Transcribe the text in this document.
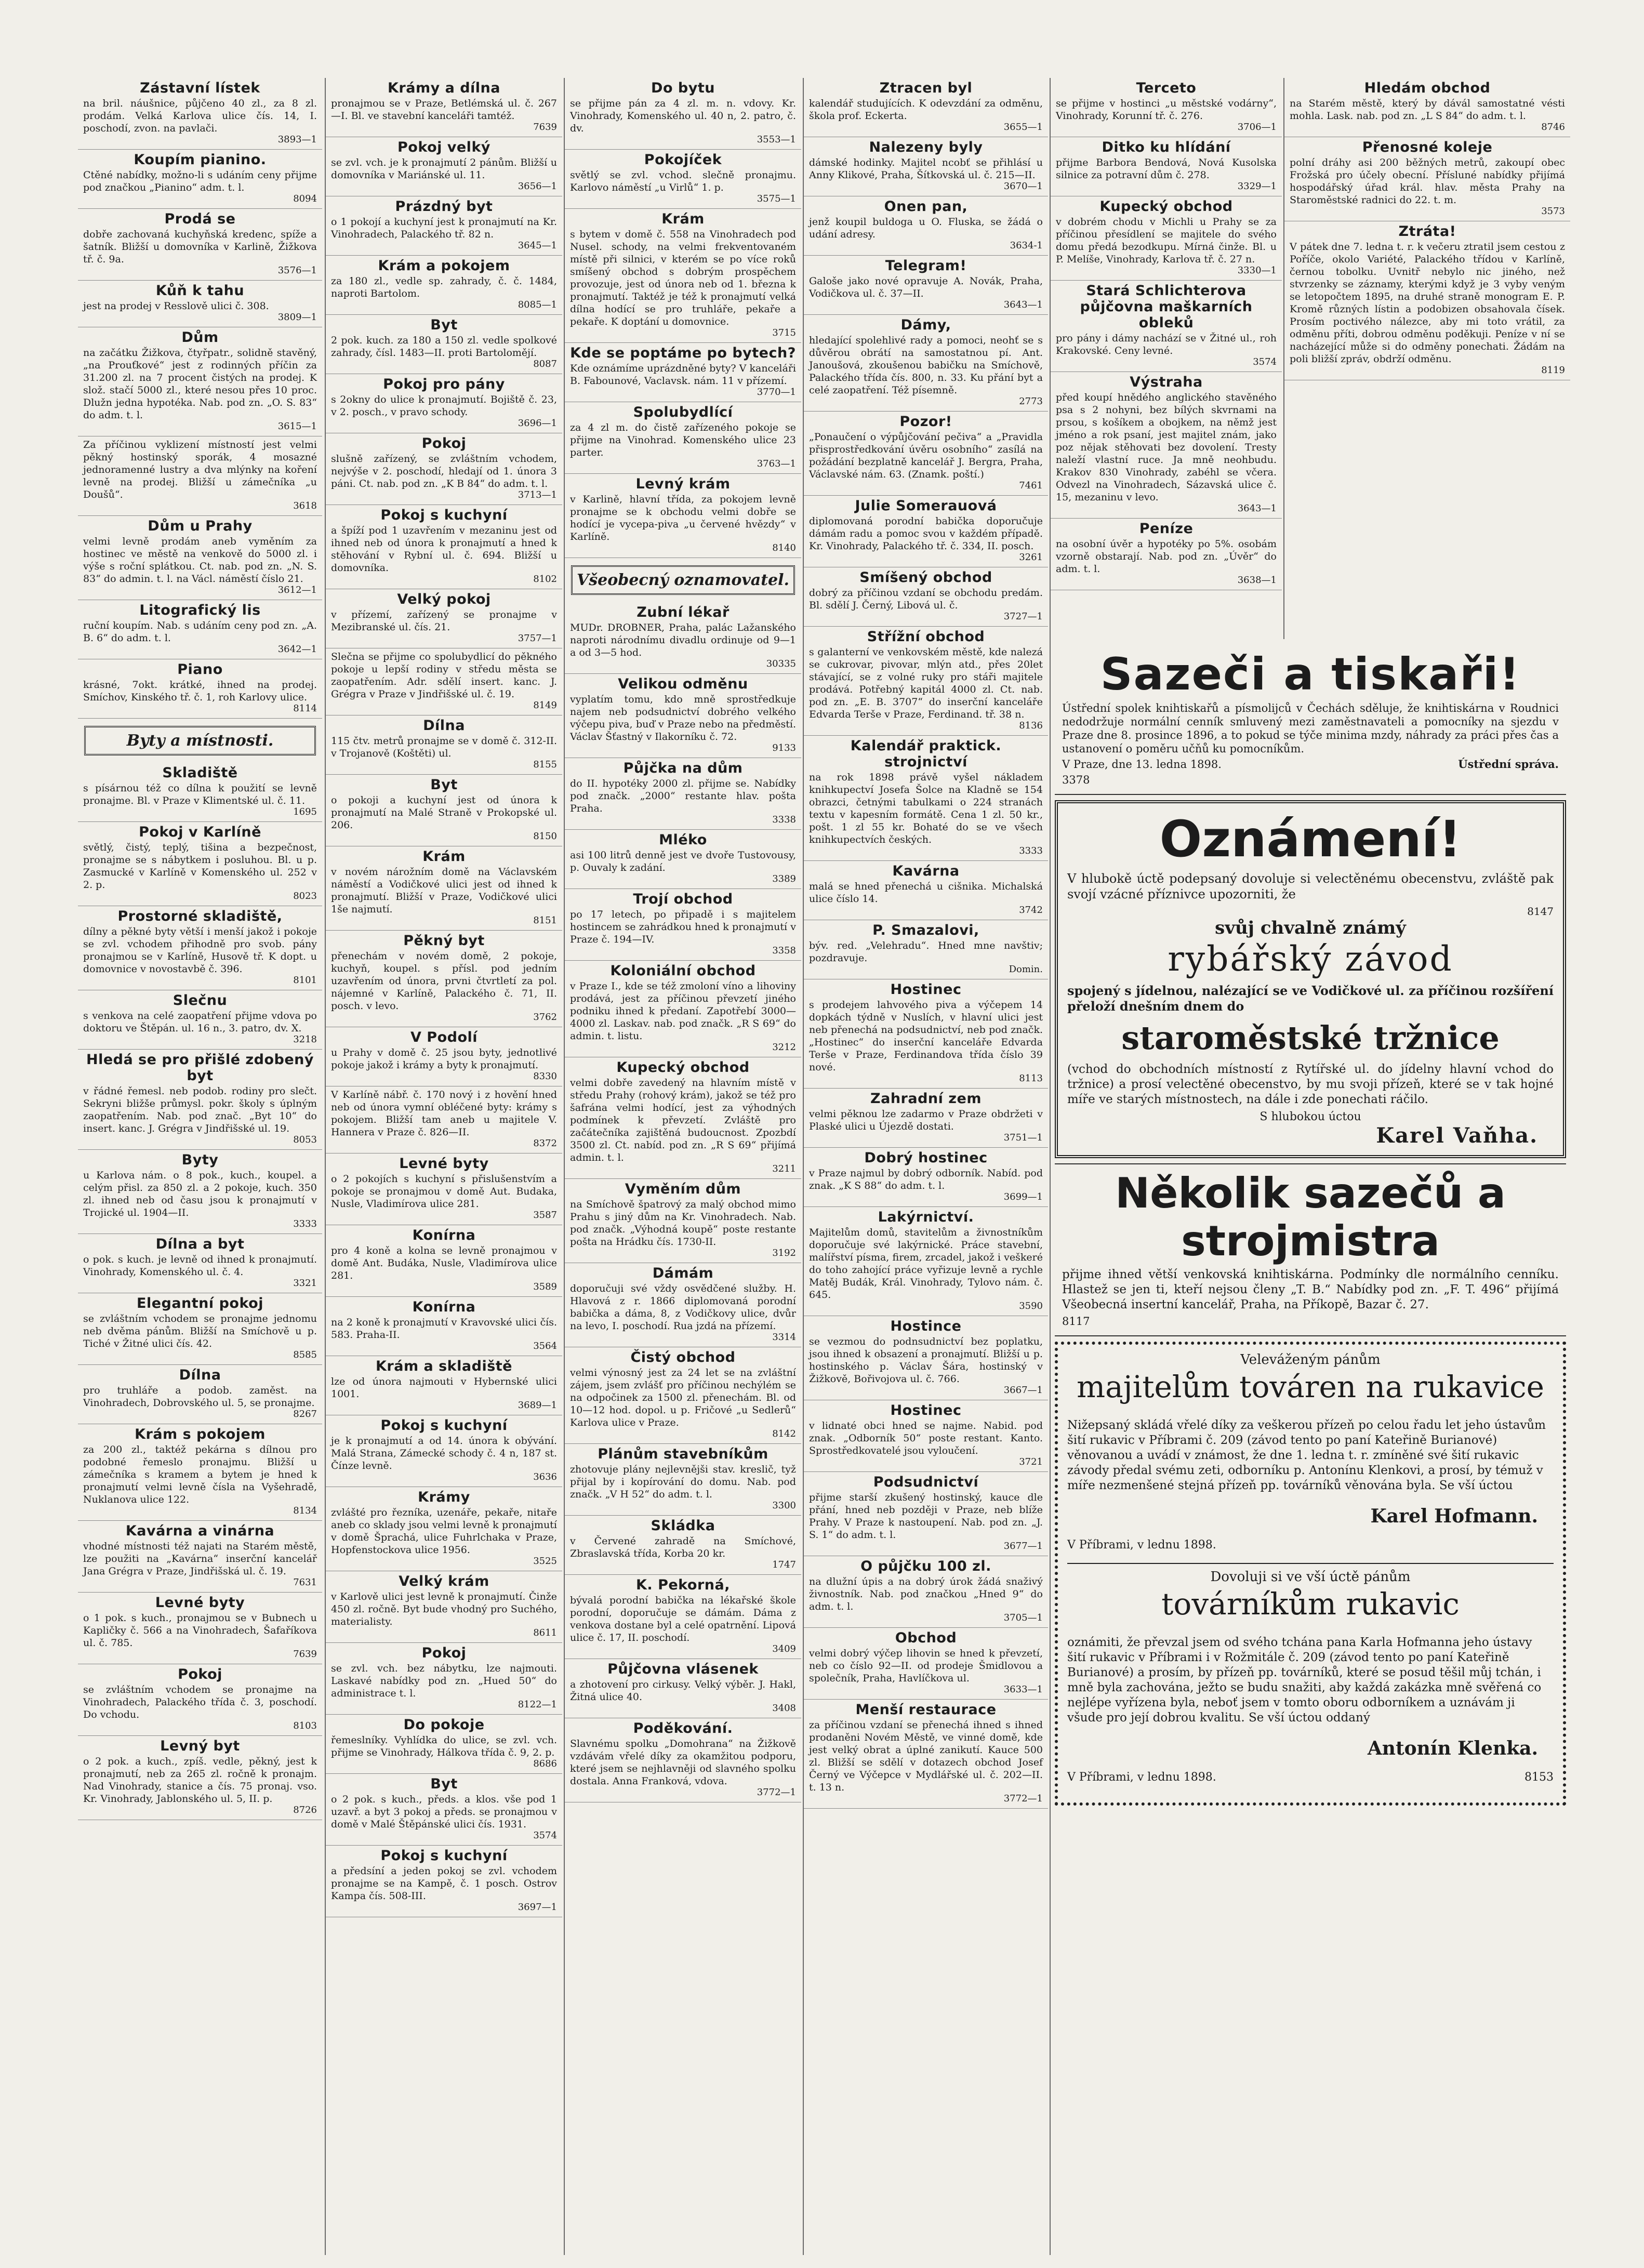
Zástavní lístek

na bril. náušnice, půjčeno 40 zl., za 8 zl. prodám. Velká Karlova ulice čís. 14, I. poschodí, zvon. na pavlači.

3893—1
Koupím pianino.

Ctěné nabídky, možno-li s udáním ceny přijme pod značkou „Pianino“ adm. t. l.

8094
Prodá se

dobře zachovaná kuchyňská kredenc, spíže a šatník. Bližší u domovníka v Karlině, Žižkova tř. č. 9a.

3576—1
Kůň k tahu

jest na prodej v Resslově ulici č. 308.

3809—1
Dům

na začátku Žižkova, čtyřpatr., solidně stavěný, „na Prouťkové“ jest z rodinných příčin za 31.200 zl. na 7 procent čistých na prodej. K slož. stačí 5000 zl., které nesou přes 10 proc. Dlužn jedna hypotéka. Nab. pod zn. „O. S. 83“ do adm. t. l.

3615—1

Za příčinou vyklizení místností jest velmi pěkný hostinský sporák, 4 mosazné jednoramenné lustry a dva mlýnky na koření levně na prodej. Bližší u zámečníka „u Doušů“.

3618
Dům u Prahy

velmi levně prodám aneb vyměním za hostinec ve městě na venkově do 5000 zl. i výše s roční splátkou. Ct. nab. pod zn. „N. S. 83“ do admin. t. l. na Václ. náměstí číslo 21.

3612—1
Litografický lis

ruční koupím. Nab. s udáním ceny pod zn. „A. B. 6“ do adm. t. l.

3642—1
Piano

krásné, 7okt. krátké, ihned na prodej. Smíchov, Kinského tř. č. 1, roh Karlovy ulice.

8114
Byty a místnosti.
Skladiště

s písárnou též co dílna k použití se levně pronajme. Bl. v Praze v Klimentské ul. č. 11.

1695
Pokoj v Karlíně

světlý, čistý, teplý, tišina a bezpečnost, pronajme se s nábytkem i posluhou. Bl. u p. Zasmucké v Karlíně v Komenského ul. 252 v 2. p.

8023
Prostorné skladiště,

dílny a pěkné byty větší i menší jakož i pokoje se zvl. vchodem přihodně pro svob. pány pronajmou se v Karlíně, Husově tř. K dopt. u domovnice v novostavbě č. 396.

8101
Slečnu

s venkova na celé zaopatření přijme vdova po doktoru ve Štěpán. ul. 16 n., 3. patro, dv. X.

3218
Hledá se pro přišlé zdobený byt

v řádné řemesl. neb podob. rodiny pro slečt. Sekryni bližše průmysl. pokr. školy s úplným zaopatřením. Nab. pod znač. „Byt 10“ do insert. kanc. J. Grégra v Jindřišské ul. 19.

8053
Byty

u Karlova nám. o 8 pok., kuch., koupel. a celým přisl. za 850 zl. a 2 pokoje, kuch. 350 zl. ihned neb od času jsou k pronajmutí v Trojické ul. 1904—II.

3333
Dílna a byt

o pok. s kuch. je levně od ihned k pronajmutí. Vinohrady, Komenského ul. č. 4.

3321
Elegantní pokoj

se zvláštním vchodem se pronajme jednomu neb dvěma pánům. Bližší na Smíchově u p. Tiché v Žitné ulici čís. 42.

8585
Dílna

pro truhláře a podob. zaměst. na Vinohradech, Dobrovského ul. 5, se pronajme.

8267
Krám s pokojem

za 200 zl., taktéž pekárna s dílnou pro podobné řemeslo pronajmu. Bližší u zámečníka s kramem a bytem je hned k pronajmutí velmi levně čísla na Vyšehradě, Nuklanova ulice 122.

8134
Kavárna a vinárna

vhodné místnosti též najati na Starém městě, lze použiti na „Kavárna“ inserční kancelář Jana Grégra v Praze, Jindřišská ul. č. 19.

7631
Levné byty

o 1 pok. s kuch., pronajmou se v Bubnech u Kapličky č. 566 a na Vinohradech, Šafaříkova ul. č. 785.

7639
Pokoj

se zvláštním vchodem se pronajme na Vinohradech, Palackého třída č. 3, poschodí. Do vchodu.

8103
Levný byt

o 2 pok. a kuch., zpíš. vedle, pěkný, jest k pronajmutí, neb za 265 zl. ročně k pronajm. Nad Vinohrady, stanice a čís. 75 pronaj. vso. Kr. Vinohrady, Jablonského ul. 5, II. p.

8726
Krámy a dílna

pronajmou se v Praze, Betlémská ul. č. 267—I. Bl. ve stavební kanceláři tamtéž.

7639
Pokoj velký

se zvl. vch. je k pronajmutí 2 pánům. Bližší u domovníka v Mariánské ul. 11.

3656—1
Prázdný byt

o 1 pokojí a kuchyní jest k pronajmutí na Kr. Vinohradech, Palackého tř. 82 n.

3645—1
Krám a pokojem

za 180 zl., vedle sp. zahrady, č. č. 1484, naproti Bartolom.

8085—1
Byt

2 pok. kuch. za 180 a 150 zl. vedle spolkové zahrady, čísl. 1483—II. proti Bartolomějí.

8087
Pokoj pro pány

s 2okny do ulice k pronajmutí. Bojiště č. 23, v 2. posch., v pravo schody.

3696—1
Pokoj

slušně zařízený, se zvláštním vchodem, nejvýše v 2. poschodí, hledají od 1. února 3 páni. Ct. nab. pod zn. „K B 84“ do adm. t. l.

3713—1
Pokoj s kuchyní

a špíží pod 1 uzavřením v mezaninu jest od ihned neb od února k pronajmutí a hned k stěhování v Rybní ul. č. 694. Bližší u domovníka.

8102
Velký pokoj

v přízemí, zařízený se pronajme v Mezibranské ul. čís. 21.

3757—1

Slečna se přijme co spolubydlicí do pěkného pokoje u lepší rodiny v středu města se zaopatřením. Adr. sdělí insert. kanc. J. Grégra v Praze v Jindřišské ul. č. 19.

8149
Dílna

115 čtv. metrů pronajme se v domě č. 312-II. v Trojanově (Koštěti) ul.

8155
Byt

o pokoji a kuchyní jest od února k pronajmutí na Malé Straně v Prokopské ul. 206.

8150
Krám

v novém nárožním domě na Václavském náměstí a Vodičkové ulici jest od ihned k pronajmutí. Bližší v Praze, Vodičkové ulici 1še najmutí.

8151
Pěkný byt

přenechám v novém domě, 2 pokoje, kuchyň, koupel. s přísl. pod jedním uzavřením od února, prvni čtvrtletí za pol. nájemné v Karlíně, Palackého č. 71, II. posch. v levo.

3762
V Podolí

u Prahy v domě č. 25 jsou byty, jednotlivé pokoje jakož i krámy a byty k pronajmutí.

8330

V Karlíně nábř. č. 170 nový i z hovění hned neb od února vymní obléčené byty: krámy s pokojem. Bližší tam aneb u majitele V. Hannera v Praze č. 826—II.

8372
Levné byty

o 2 pokojích s kuchyní s přislušenstvím a pokoje se pronajmou v domě Aut. Budaka, Nusle, Vladimírova ulice 281.

3587
Konírna

pro 4 koně a kolna se levně pronajmou v domě Ant. Budáka, Nusle, Vladimírova ulice 281.

3589
Konírna

na 2 koně k pronajmutí v Kravovské ulici čís. 583. Praha-II.

3564
Krám a skladiště

lze od února najmouti v Hybernské ulici 1001.

3689—1
Pokoj s kuchyní

je k pronajmutí a od 14. února k obývání. Malá Strana, Zámecké schody č. 4 n, 187 st. Čínze levně.

3636
Krámy

zvlášté pro řezníka, uzenáře, pekaře, nitaře aneb co sklady jsou velmi levně k pronajmutí v domě Šprachá, ulice Fuhrlchaka v Praze, Hopfenstockova ulice 1956.

3525
Velký krám

v Karlově ulici jest levně k pronajmutí. Činže 450 zl. ročně. Byt bude vhodný pro Suchého, materialisty.

8611
Pokoj

se zvl. vch. bez nábytku, lze najmouti. Laskavé nabídky pod zn. „Hued 50“ do administrace t. l.

8122—1
Do pokoje

řemeslníky. Vyhlídka do ulice, se zvl. vch. přijme se Vinohrady, Hálkova třída č. 9, 2. p.

8686
Byt

o 2 pok. s kuch., předs. a klos. vše pod 1 uzavř. a byt 3 pokoj a předs. se pronajmou v domě v Malé Štěpánské ulici čís. 1931.

3574
Pokoj s kuchyní

a předsíní a jeden pokoj se zvl. vchodem pronajme se na Kampě, č. 1 posch. Ostrov Kampa čís. 508-III.

3697—1
Do bytu

se přijme pán za 4 zl. m. n. vdovy. Kr. Vinohrady, Komenského ul. 40 n, 2. patro, č. dv.

3553—1
Pokojíček

světlý se zvl. vchod. slečně pronajmu. Karlovo náměstí „u Virlů“ 1. p.

3575—1
Krám

s bytem v domě č. 558 na Vinohradech pod Nusel. schody, na velmi frekventovaném místě při silnici, v kterém se po více roků smíšený obchod s dobrým prospěchem provozuje, jest od února neb od 1. března k pronajmutí. Taktéž je též k pronajmutí velká dílna hodící se pro truhláře, pekaře a pekaře. K doptání u domovnice.

3715
Kde se poptáme po bytech?

Kde oznámíme uprázdněné byty? V kanceláři B. Fabounové, Vaclavsk. nám. 11 v přízemí.

3770—1
Spolubydlící

za 4 zl m. do čistě zařízeného pokoje se přijme na Vinohrad. Komenského ulice 23 parter.

3763—1
Levný krám

v Karlině, hlavní třída, za pokojem levně pronajme se k obchodu velmi dobře se hodící je vycepa-piva „u červené hvězdy“ v Karlíně.

8140
Všeobecný oznamovatel.
Zubní lékař

MUDr. DROBNER, Praha, palác Lažanského naproti národnímu divadlu ordinuje od 9—1 a od 3—5 hod.

30335
Velikou odměnu

vyplatím tomu, kdo mně sprostředkuje najem neb podsudnictví dobrého velkého výčepu piva, buď v Praze nebo na předměstí. Václav Šťastný v Ilakorníku č. 72.

9133
Půjčka na dům

do II. hypotéky 2000 zl. přijme se. Nabídky pod značk. „2000“ restante hlav. pošta Praha.

3338
Mléko

asi 100 litrů denně jest ve dvoře Tustovousy, p. Ouvaly k zadání.

3389
Trojí obchod

po 17 letech, po připadě i s majitelem hostincem se zahrádkou hned k pronajmutí v Praze č. 194—IV.

3358
Koloniální obchod

v Praze I., kde se též zmoloní víno a lihoviny prodává, jest za příčinou převzetí jiného podniku ihned k předaní. Zapotřebí 3000—4000 zl. Laskav. nab. pod značk. „R S 69“ do admin. t. listu.

3212
Kupecký obchod

velmi dobře zavedený na hlavním místě v středu Prahy (rohový krám), jakož se též pro šafrána velmi hodící, jest za výhodných podmínek k převzetí. Zvláště pro začátečníka zajištěná budoucnost. Zpozbdí 3500 zl. Ct. nabíd. pod zn. „R S 69“ přijímá admin. t. l.

3211
Vyměním dům

na Smíchově špatrový za malý obchod mimo Prahu s jiný dům na Kr. Vinohradech. Nab. pod značk. „Výhodná koupě“ poste restante pošta na Hrádku čís. 1730-II.

3192
Dámám

doporučuji své vždy osvědčené služby. H. Hlavová z r. 1866 diplomovaná porodní babička a dáma, 8, z Vodičkovy ulice, dvůr na levo, I. poschodí. Rua jzdá na přízemí.

3314
Čistý obchod

velmi výnosný jest za 24 let se na zvláštní zájem, jsem zvlášť pro příčinou nechýlém se na odpočinek za 1500 zl. přenechám. Bl. od 10—12 hod. dopol. u p. Fričové „u Sedlerů“ Karlova ulice v Praze.

8142
Plánům stavebníkům

zhotovuje plány nejlevnějši stav. kreslič, tyž přijal by i kopírování do domu. Nab. pod značk. „V H 52“ do adm. t. l.

3300
Skládka

v Červené zahradě na Smíchové, Zbraslavská třída, Korba 20 kr.

1747
K. Pekorná,

bývalá porodní babička na lékařské škole porodní, doporučuje se dámám. Dáma z venkova dostane byl a celé opatrnění. Lipová ulice č. 17, II. poschodí.

3409
Půjčovna vlásenek

a zhotovení pro cirkusy. Velký výběr. J. Hakl, Žitná ulice 40.

3408
Poděkování.

Slavnému spolku „Domohrana“ na Žižkově vzdávám vřelé díky za okamžitou podporu, které jsem se nejhlavněji od slavného spolku dostala. Anna Franková, vdova.

3772—1
Ztracen byl

kalendář studujících. K odevzdání za odměnu, škola prof. Eckerta.

3655—1
Nalezeny byly

dámské hodinky. Majitel ncobť se přihlásí u Anny Klikové, Praha, Šítkovská ul. č. 215—II.

3670—1
Onen pan,

jenž koupil buldoga u O. Fluska, se žádá o udání adresy.

3634-1
Telegram!

Galoše jako nové opravuje A. Novák, Praha, Vodičkova ul. č. 37—II.

3643—1
Dámy,

hledající spolehlivé rady a pomoci, neohť se s důvěrou obrátí na samostatnou pí. Ant. Janoušová, zkoušenou babičku na Smíchově, Palackého třída čís. 800, n. 33. Ku přání byt a celé zaopatření. Též písemně.

2773
Pozor!

„Ponaučení o výpůjčování pečiva“ a „Pravidla přisprostředkování úvěru osobního“ zasílá na požádání bezplatně kancelář J. Bergra, Praha, Václavské nám. 63. (Znamk. poští.)

7461
Julie Somerauová

diplomovaná porodní babička doporučuje dámám radu a pomoc svou v každém případě. Kr. Vinohrady, Palackého tř. č. 334, II. posch.

3261
Smíšený obchod

dobrý za příčinou vzdaní se obchodu predám. Bl. sdělí J. Černý, Libová ul. č.

3727—1
Střížní obchod

s galanterní ve venkovském městě, kde nalezá se cukrovar, pivovar, mlýn atd., přes 20let stávající, se z volné ruky pro stáři majitele prodává. Potřebný kapitál 4000 zl. Ct. nab. pod zn. „E. B. 3707“ do inserční kanceláře Edvarda Terše v Praze, Ferdinand. tř. 38 n.

8136
Kalendář praktick. strojnictví

na rok 1898 právě vyšel nákladem knihkupectví Josefa Šolce na Kladně se 154 obrazci, četnými tabulkami o 224 stranách textu v kapesním formátě. Cena 1 zl. 50 kr., pošt. 1 zl 55 kr. Bohaté do se ve všech knihkupectvích českých.

3333
Kavárna

malá se hned přenechá u cišnika. Michalská ulice číslo 14.

3742
P. Smazalovi,

býv. red. „Velehradu“. Hned mne navštiv; pozdravuje.

Domin.
Hostinec

s prodejem lahvového piva a výčepem 14 dopkách týdně v Nuslích, v hlavní ulici jest neb přenechá na podsudnictví, neb pod značk. „Hostinec“ do inserční kanceláře Edvarda Terše v Praze, Ferdinandova třída číslo 39 nové.

8113
Zahradní zem

velmi pěknou lze zadarmo v Praze obdržeti v Plaské ulici u Újezdě dostati.

3751—1
Dobrý hostinec

v Praze najmul by dobrý odborník. Nabíd. pod znak. „K S 88“ do adm. t. l.

3699—1
Lakýrnictví.

Majitelům domů, stavitelům a živnostníkům doporučuje své lakýrnické. Práce stavební, malířství písma, firem, zrcadel, jakož i veškeré do toho zahojící práce vyřizuje levně a rychle Matěj Budák, Král. Vinohrady, Tylovo nám. č. 645.

3590
Hostince

se vezmou do podnsudnictví bez poplatku, jsou ihned k obsazení a pronajmutí. Bližší u p. hostinského p. Václav Šára, hostinský v Žižkově, Bořivojova ul. č. 766.

3667—1
Hostinec

v lidnaté obci hned se najme. Nabid. pod znak. „Odborník 50“ poste restant. Kanto. Sprostředkovatelé jsou vyloučení.

3721
Podsudnictví

přijme starší zkušený hostinský, kauce dle přání, hned neb později v Praze, neb blíže Prahy. V Praze k nastoupení. Nab. pod zn. „J. S. 1“ do adm. t. l.

3677—1
O půjčku 100 zl.

na dlužní úpis a na dobrý úrok žádá snaživý živnostník. Nab. pod značkou „Hned 9“ do adm. t. l.

3705—1
Obchod

velmi dobrý výčep lihovin se hned k převzetí, neb co číslo 92—II. od prodeje Šmidlovou a společník, Praha, Havlíčkova ul.

3633—1
Menší restaurace

za příčinou vzdaní se přenechá ihned s ihned prodaněni Novém Městě, ve vinné domě, kde jest velký obrat a úplné zanikutí. Kauce 500 zl. Bližší se sdělí v dotazech obchod Josef Černý ve Výčepce v Mydlářské ul. č. 202—II. t. 13 n.

3772—1
Terceto

se přijme v hostinci „u městské vodárny“, Vinohrady, Korunní tř. č. 276.

3706—1
Ditko ku hlídání

přijme Barbora Bendová, Nová Kusolska silnice za potravní dům č. 278.

3329—1
Kupecký obchod

v dobrém chodu v Michli u Prahy se za příčinou přesídlení se majitele do svého domu předá bezodkupu. Mírná činže. Bl. u P. Melíše, Vinohrady, Karlova tř. č. 27 n.

3330—1
Stará Schlichterova půjčovna maškarních obleků

pro pány i dámy nachází se v Žitné ul., roh Krakovské. Ceny levné.

3574
Výstraha

před koupí hnědého anglického stavěného psa s 2 nohyni, bez bílých skvrnami na prsou, s košíkem a obojkem, na němž jest jméno a rok psaní, jest majitel znám, jako poz nějak stěhovati bez dovolení. Tresty naleží vlastní ruce. Ja mně neohbudu. Krakov 830 Vinohrady, zabéhl se včera. Odvezl na Vinohradech, Sázavská ulice č. 15, mezaninu v levo.

3643—1
Peníze

na osobní úvěr a hypotéky po 5%. osobám vzorně obstarají. Nab. pod zn. „Úvěr“ do adm. t. l.

3638—1
Hledám obchod

na Starém městě, který by dávál samostatné vésti mohla. Lask. nab. pod zn. „L S 84“ do adm. t. l.

8746
Přenosné koleje

polní dráhy asi 200 běžných metrů, zakoupí obec Frožská pro účely obecní. Přísluné nabídky přijímá hospodářský úřad král. hlav. města Prahy na Staroměstské radnici do 22. t. m.

3573
Ztráta!

V pátek dne 7. ledna t. r. k večeru ztratil jsem cestou z Poříče, okolo Variété, Palackého třídou v Karlíně, černou tobolku. Uvnitř nebylo nic jiného, než stvrzenky se záznamy, kterými když je 3 vyby veným se letopočtem 1895, na druhé straně monogram E. P. Kromě různých lístin a podobizen obsahovala čísek. Prosím poctivého nálezce, aby mi toto vrátil, za odměnu příti, dobrou odměnu poděkuji. Peníze v ní se nacházející může si do odměny ponechati. Žádám na poli bližší zpráv, obdrží odměnu.

8119
Sazeči a tiskaři!

Ústřední spolek knihtiskařů a písmolijců v Čechách sděluje, že knihtiskárna v Roudnici nedodržuje normální cenník smluvený mezi zaměstnavateli a pomocníky na sjezdu v Praze dne 8. prosince 1896, a to pokud se týče minima mzdy, náhrady za práci přes čas a ustanovení o poměru učňů ku pomocníkům.

V Praze, dne 13. ledna 1898.	Ústřední správa.

3378

Oznámení!

V hlubokě úctě podepsaný dovoluje si velectěnému obecenstvu, zvláště pak svojí vzácné příznivce upozorniti, že

8147

svůj chvalně známý
rybářský závod

spojený s jídelnou, nalézající se ve Vodičkové ul. za příčinou rozšíření přeloží dnešním dnem do

staroměstské tržnice

(vchod do obchodních místností z Rytířské ul. do jídelny hlavní vchod do tržnice) a prosí velectěné obecenstvo, by mu svoji přízeň, které se v tak hojné míře ve starých místnostech, na dále i zde ponechati ráčilo.

S hlubokou úctou
Karel Vaňha.
Několik sazečů a strojmistra

přijme ihned větší venkovská knihtiskárna. Podmínky dle normálního cenníku. Hlastež se jen ti, kteří nejsou členy „T. B.“ Nabídky pod zn. „F. T. 496“ přijímá Všeobecná insertní kancelář, Praha, na Příkopě, Bazar č. 27.

8117

Veleváženým pánům
majitelům továren na rukavice

Nižepsaný skládá vřelé díky za veškerou přízeň po celou řadu let jeho ústavům šití rukavic v Příbrami č. 209 (závod tento po paní Kateřině Burianové) věnovanou a uvádí v známost, že dne 1. ledna t. r. zmíněné své šití rukavic závody předal svému zeti, odborníku p. Antonínu Klenkovi, a prosí, by témuž v míře nezmenšené stejná přízeň pp. továrníků věnována byla. Se vší úctou

Karel Hofmann.

V Příbrami, v lednu 1898.

Dovoluji si ve vší úctě pánům
továrníkům rukavic

oznámiti, že převzal jsem od svého tchána pana Karla Hofmanna jeho ústavy šití rukavic v Příbrami i v Rožmitále č. 209 (závod tento po paní Kateřině Burianové) a prosím, by přízeň pp. továrníků, které se posud těšil můj tchán, i mně byla zachována, ježto se budu snažiti, aby každá zakázka mně svěřená co nejlépe vyřízena byla, neboť jsem v tomto oboru odborníkem a uznávám ji všude pro její dobrou kvalitu. Se vší úctou oddaný

Antonín Klenka.

V Příbrami, v lednu 1898.	8153
